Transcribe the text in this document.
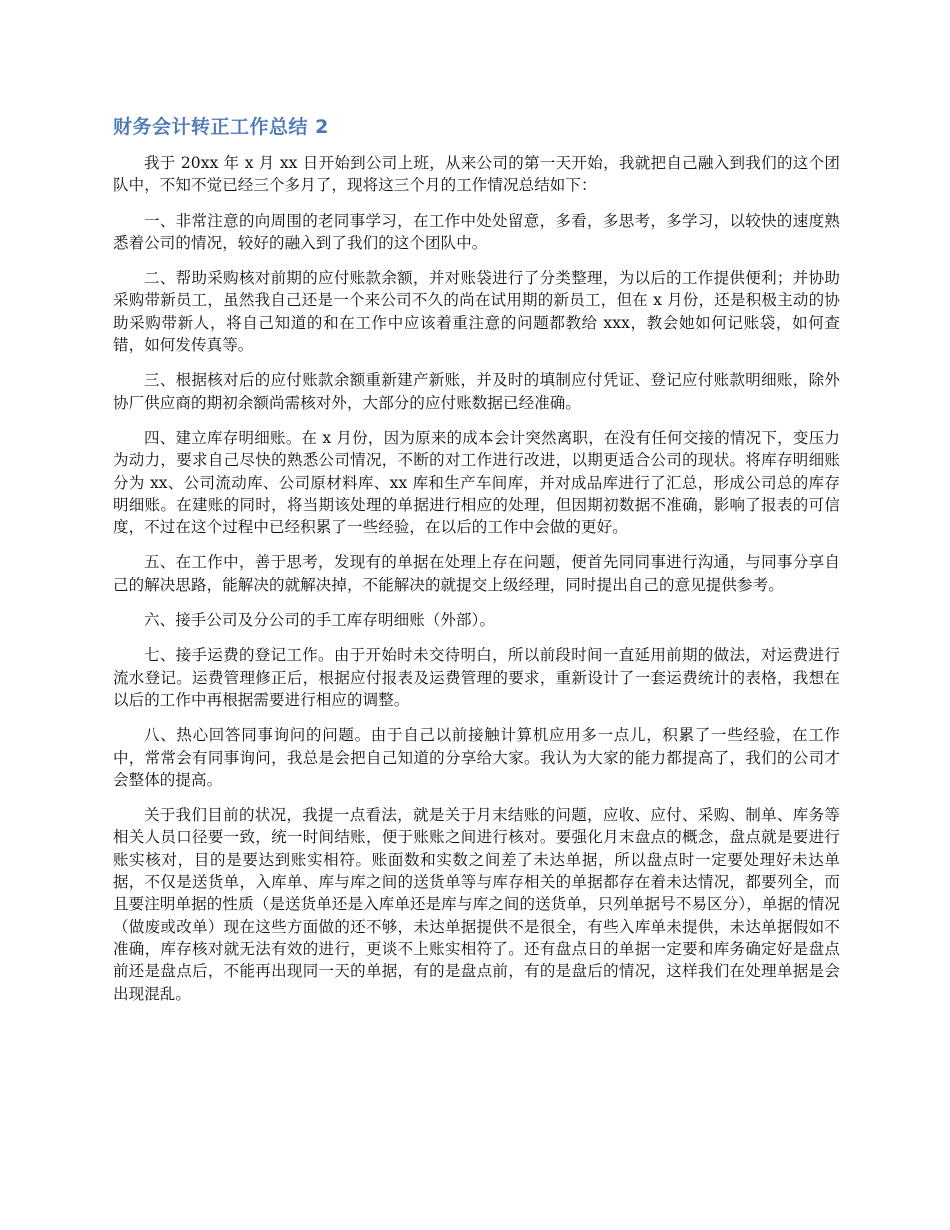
财务会计转正工作总结 2

我于 20xx 年 x 月 xx 日开始到公司上班，从来公司的第一天开始，我就把自己融入到我们的这个团队中，不知不觉已经三个多月了，现将这三个月的工作情况总结如下：

一、非常注意的向周围的老同事学习，在工作中处处留意，多看，多思考，多学习，以较快的速度熟悉着公司的情况，较好的融入到了我们的这个团队中。

二、帮助采购核对前期的应付账款余额，并对账袋进行了分类整理，为以后的工作提供便利；并协助采购带新员工，虽然我自己还是一个来公司不久的尚在试用期的新员工，但在 x 月份，还是积极主动的协助采购带新人，将自己知道的和在工作中应该着重注意的问题都教给 xxx，教会她如何记账袋，如何查错，如何发传真等。

三、根据核对后的应付账款余额重新建产新账，并及时的填制应付凭证、登记应付账款明细账，除外协厂供应商的期初余额尚需核对外，大部分的应付账数据已经准确。

四、建立库存明细账。在 x 月份，因为原来的成本会计突然离职，在没有任何交接的情况下，变压力为动力，要求自己尽快的熟悉公司情况，不断的对工作进行改进，以期更适合公司的现状。将库存明细账分为 xx、公司流动库、公司原材料库、xx 库和生产车间库，并对成品库进行了汇总，形成公司总的库存明细账。在建账的同时，将当期该处理的单据进行相应的处理，但因期初数据不准确，影响了报表的可信度，不过在这个过程中已经积累了一些经验，在以后的工作中会做的更好。

五、在工作中，善于思考，发现有的单据在处理上存在问题，便首先同同事进行沟通，与同事分享自己的解决思路，能解决的就解决掉，不能解决的就提交上级经理，同时提出自己的意见提供参考。

六、接手公司及分公司的手工库存明细账（外部）。

七、接手运费的登记工作。由于开始时未交待明白，所以前段时间一直延用前期的做法，对运费进行流水登记。运费管理修正后，根据应付报表及运费管理的要求，重新设计了一套运费统计的表格，我想在以后的工作中再根据需要进行相应的调整。

八、热心回答同事询问的问题。由于自己以前接触计算机应用多一点儿，积累了一些经验，在工作中，常常会有同事询问，我总是会把自己知道的分享给大家。我认为大家的能力都提高了，我们的公司才会整体的提高。

关于我们目前的状况，我提一点看法，就是关于月末结账的问题，应收、应付、采购、制单、库务等相关人员口径要一致，统一时间结账，便于账账之间进行核对。要强化月末盘点的概念，盘点就是要进行账实核对，目的是要达到账实相符。账面数和实数之间差了未达单据，所以盘点时一定要处理好未达单据，不仅是送货单，入库单、库与库之间的送货单等与库存相关的单据都存在着未达情况，都要列全，而且要注明单据的性质（是送货单还是入库单还是库与库之间的送货单，只列单据号不易区分），单据的情况（做废或改单）现在这些方面做的还不够，未达单据提供不是很全，有些入库单未提供，未达单据假如不准确，库存核对就无法有效的进行，更谈不上账实相符了。还有盘点日的单据一定要和库务确定好是盘点前还是盘点后，不能再出现同一天的单据，有的是盘点前，有的是盘后的情况，这样我们在处理单据是会出现混乱。
